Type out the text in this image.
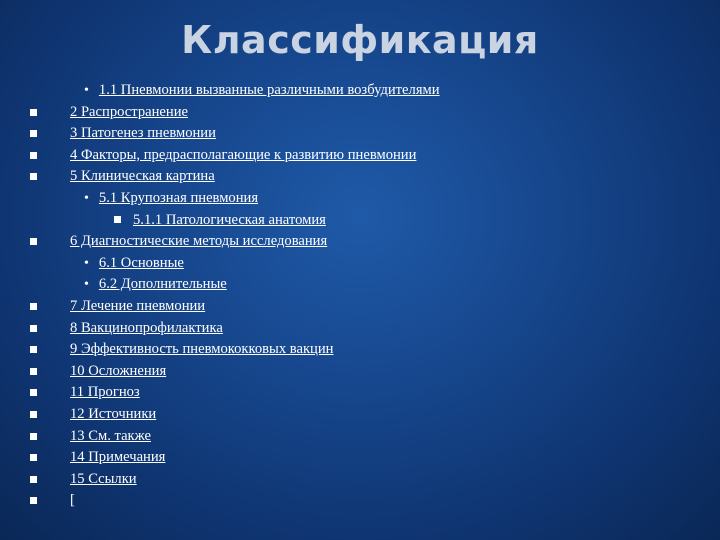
Классификация
• 1.1 Пневмонии вызванные различными возбудителями
2 Распространение
3 Патогенез пневмонии
4 Факторы, предрасполагающие к развитию пневмонии
5 Клиническая картина
• 5.1 Крупозная пневмония
5.1.1 Патологическая анатомия
6 Диагностические методы исследования
• 6.1 Основные
• 6.2 Дополнительные
7 Лечение пневмонии
8 Вакцинопрофилактика
9 Эффективность пневмококковых вакцин
10 Осложнения
11 Прогноз
12 Источники
13 См. также
14 Примечания
15 Ссылки
[
